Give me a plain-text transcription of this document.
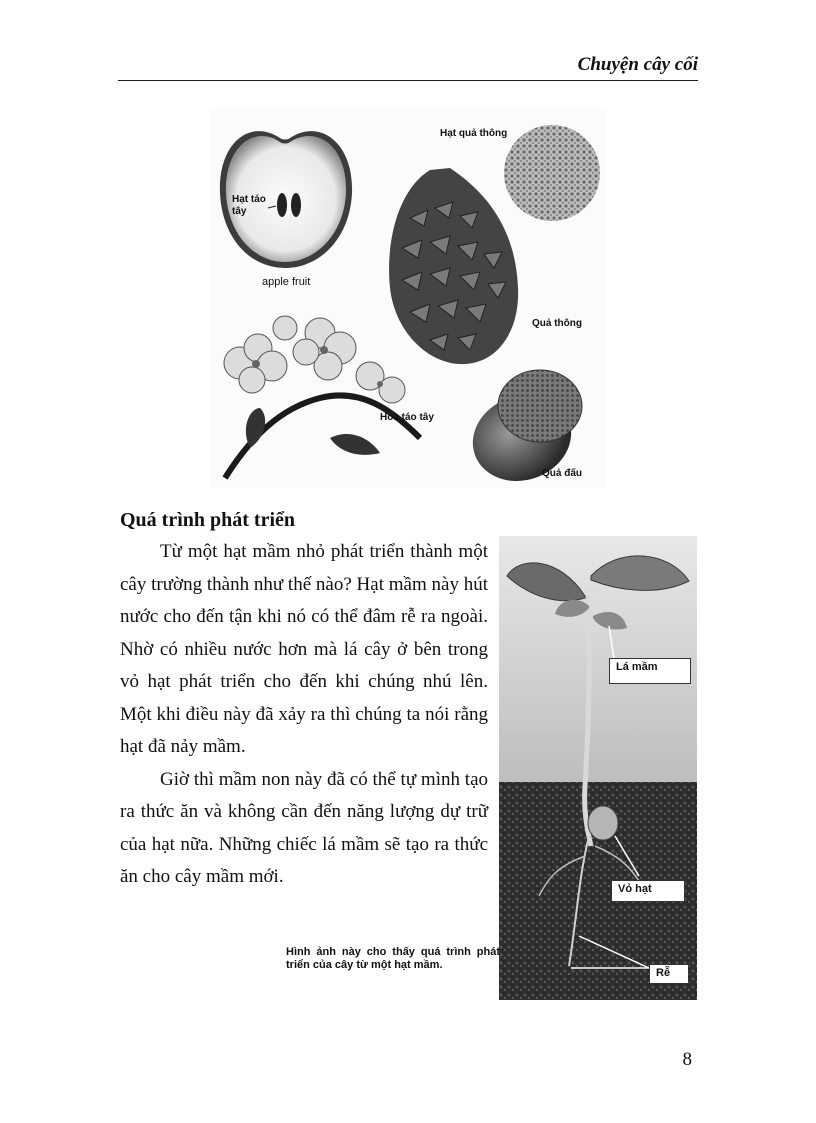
Chuyện cây cối
Hạt táo
tây
apple fruit
Hạt quả thông
Quả thông
Hoa táo tây
Quả đấu
Quá trình phát triển

Từ một hạt mầm nhỏ phát triển thành một cây trường thành như thế nào? Hạt mầm này hút nước cho đến tận khi nó có thể đâm rễ ra ngoài. Nhờ có nhiều nước hơn mà lá cây ở bên trong vỏ hạt phát triển cho đến khi chúng nhú lên. Một khi điều này đã xảy ra thì chúng ta nói rằng hạt đã nảy mầm.

Giờ thì mầm non này đã có thể tự mình tạo ra thức ăn và không cần đến năng lượng dự trữ của hạt nữa. Những chiếc lá mầm sẽ tạo ra thức ăn cho cây mầm mới.

Lá mầm
Vỏ hạt
Rễ
Hình ảnh này cho thấy quá trình phát triển của cây từ một hạt mầm.
8
